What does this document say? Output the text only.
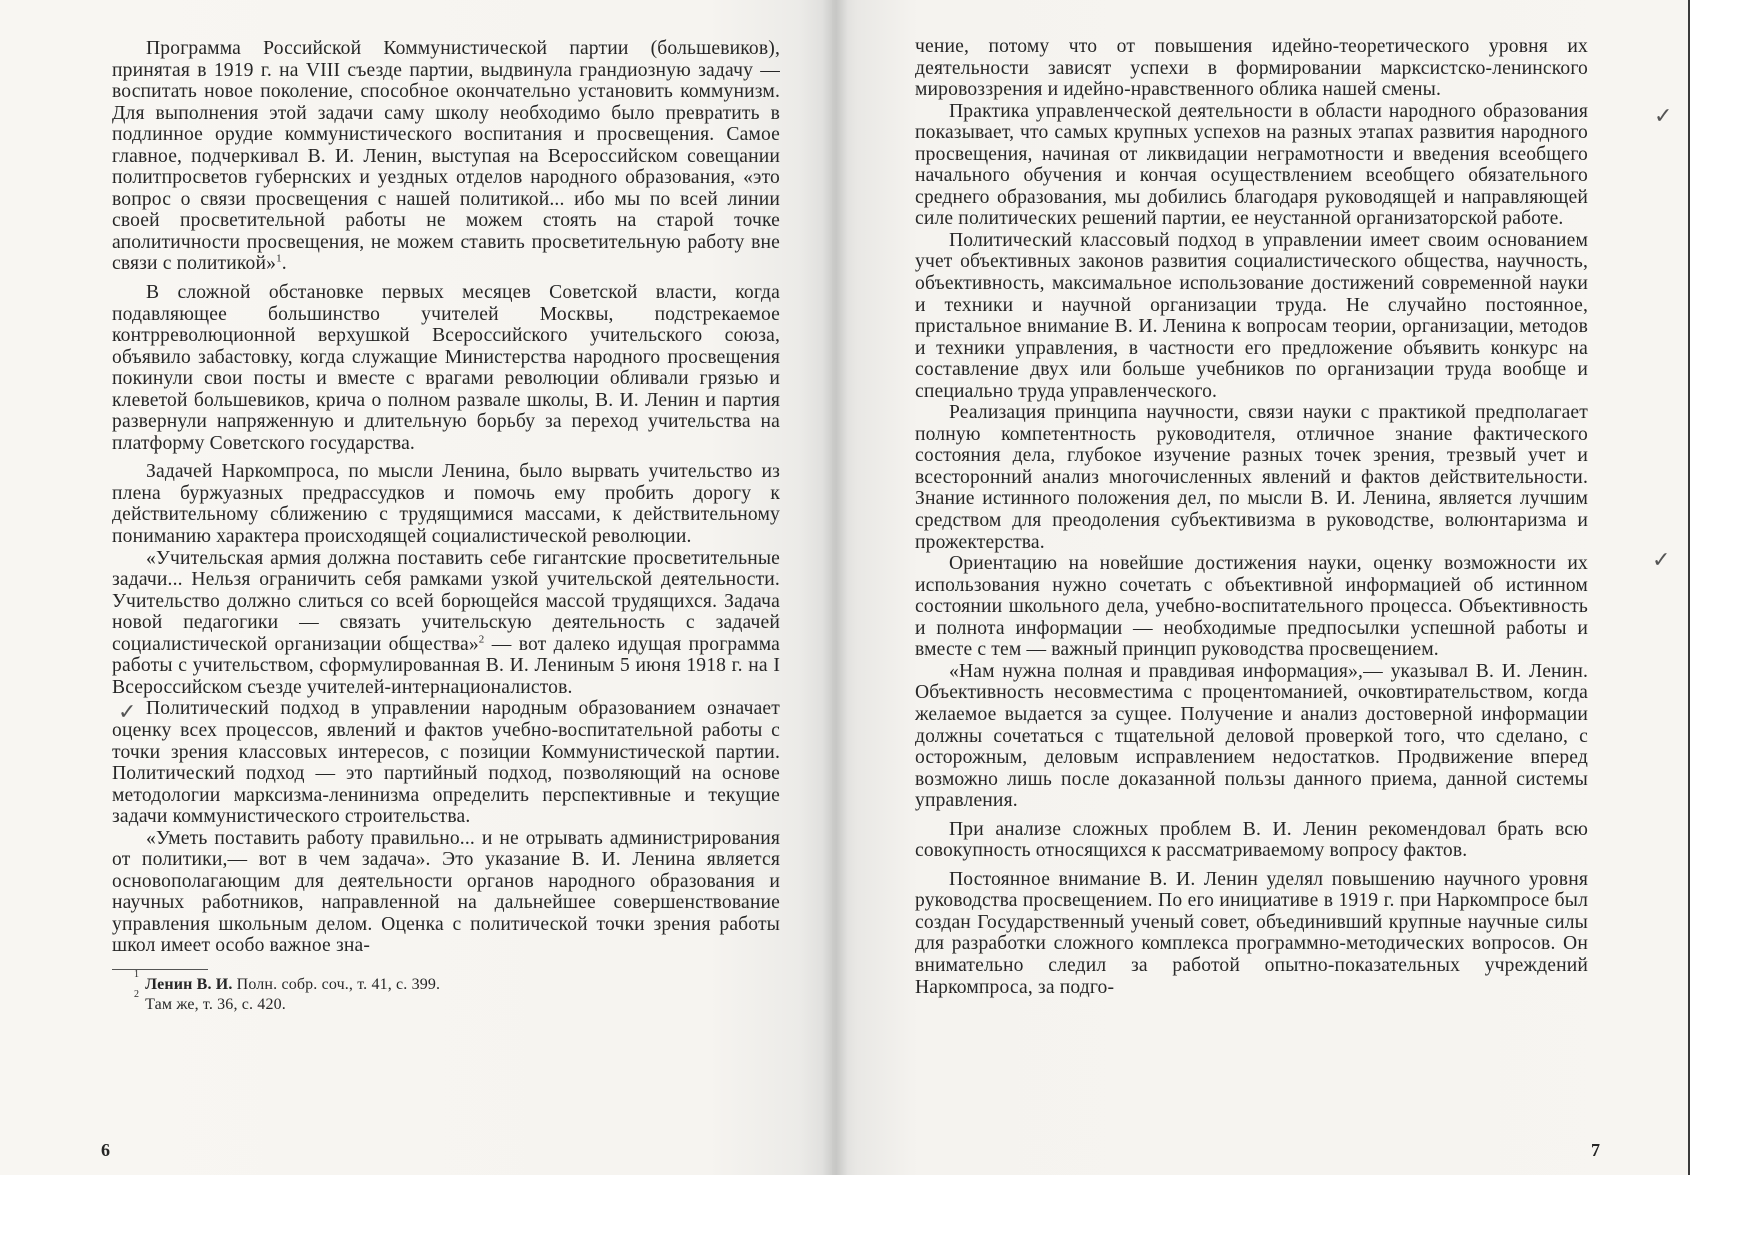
Программа Российской Коммунистической партии (большевиков), принятая в 1919 г. на VIII съезде партии, выдвинула грандиозную задачу — воспитать новое поколение, способное окончательно установить коммунизм. Для выполнения этой задачи саму школу необходимо было превратить в подлинное орудие коммунистического воспитания и просвещения. Самое главное, подчеркивал В. И. Ленин, выступая на Всероссийском совещании политпросветов губернских и уездных отделов народного образования, «это вопрос о связи просвещения с нашей политикой... ибо мы по всей линии своей просветительной работы не можем стоять на старой точке аполитичности просвещения, не можем ставить просветительную работу вне связи с политикой»$^1$.

В сложной обстановке первых месяцев Советской власти, когда подавляющее большинство учителей Москвы, подстрекаемое контрреволюционной верхушкой Всероссийского учительского союза, объявило забастовку, когда служащие Министерства народного просвещения покинули свои посты и вместе с врагами революции обливали грязью и клеветой большевиков, крича о полном развале школы, В. И. Ленин и партия развернули напряженную и длительную борьбу за переход учительства на платформу Советского государства.

Задачей Наркомпроса, по мысли Ленина, было вырвать учительство из плена буржуазных предрассудков и помочь ему пробить дорогу к действительному сближению с трудящимися массами, к действительному пониманию характера происходящей социалистической революции.

«Учительская армия должна поставить себе гигантские просветительные задачи... Нельзя ограничить себя рамками узкой учительской деятельности. Учительство должно слиться со всей борющейся массой трудящихся. Задача новой педагогики — связать учительскую деятельность с задачей социалистической организации общества»$^2$ — вот далеко идущая программа работы с учительством, сформулированная В. И. Лениным 5 июня 1918 г. на I Всероссийском съезде учителей-интернационалистов.

Политический подход в управлении народным образованием означает оценку всех процессов, явлений и фактов учебно-воспитательной работы с точки зрения классовых интересов, с позиции Коммунистической партии. Политический подход — это партийный подход, позволяющий на основе методологии марксизма-ленинизма определить перспективные и текущие задачи коммунистического строительства.

«Уметь поставить работу правильно... и не отрывать администрирования от политики,— вот в чем задача». Это указание В. И. Ленина является основополагающим для деятельности органов народного образования и научных работников, направленной на дальнейшее совершенствование управления школьным делом. Оценка с политической точки зрения работы школ имеет особо важное зна-

1
Ленин В. И. Полн. собр. соч., т. 41, с. 399.
2
Там же, т. 36, с. 420.
6
✓
✓
✓

чение, потому что от повышения идейно-теоретического уровня их деятельности зависят успехи в формировании марксистско-ленинского мировоззрения и идейно-нравственного облика нашей смены.

Практика управленческой деятельности в области народного образования показывает, что самых крупных успехов на разных этапах развития народного просвещения, начиная от ликвидации неграмотности и введения всеобщего начального обучения и кончая осуществлением всеобщего обязательного среднего образования, мы добились благодаря руководящей и направляющей силе политических решений партии, ее неустанной организаторской работе.

Политический классовый подход в управлении имеет своим основанием учет объективных законов развития социалистического общества, научность, объективность, максимальное использование достижений современной науки и техники и научной организации труда. Не случайно постоянное, пристальное внимание В. И. Ленина к вопросам теории, организации, методов и техники управления, в частности его предложение объявить конкурс на составление двух или больше учебников по организации труда вообще и специально труда управленческого.

Реализация принципа научности, связи науки с практикой предполагает полную компетентность руководителя, отличное знание фактического состояния дела, глубокое изучение разных точек зрения, трезвый учет и всесторонний анализ многочисленных явлений и фактов действительности. Знание истинного положения дел, по мысли В. И. Ленина, является лучшим средством для преодоления субъективизма в руководстве, волюнтаризма и прожектерства.

Ориентацию на новейшие достижения науки, оценку возможности их использования нужно сочетать с объективной информацией об истинном состоянии школьного дела, учебно-воспитательного процесса. Объективность и полнота информации — необходимые предпосылки успешной работы и вместе с тем — важный принцип руководства просвещением.

«Нам нужна полная и правдивая информация»,— указывал В. И. Ленин. Объективность несовместима с процентоманией, очковтирательством, когда желаемое выдается за сущее. Получение и анализ достоверной информации должны сочетаться с тщательной деловой проверкой того, что сделано, с осторожным, деловым исправлением недостатков. Продвижение вперед возможно лишь после доказанной пользы данного приема, данной системы управления.

При анализе сложных проблем В. И. Ленин рекомендовал брать всю совокупность относящихся к рассматриваемому вопросу фактов.

Постоянное внимание В. И. Ленин уделял повышению научного уровня руководства просвещением. По его инициативе в 1919 г. при Наркомпросе был создан Государственный ученый совет, объединивший крупные научные силы для разработки сложного комплекса программно-методических вопросов. Он внимательно следил за работой опытно-показательных учреждений Наркомпроса, за подго-

7
